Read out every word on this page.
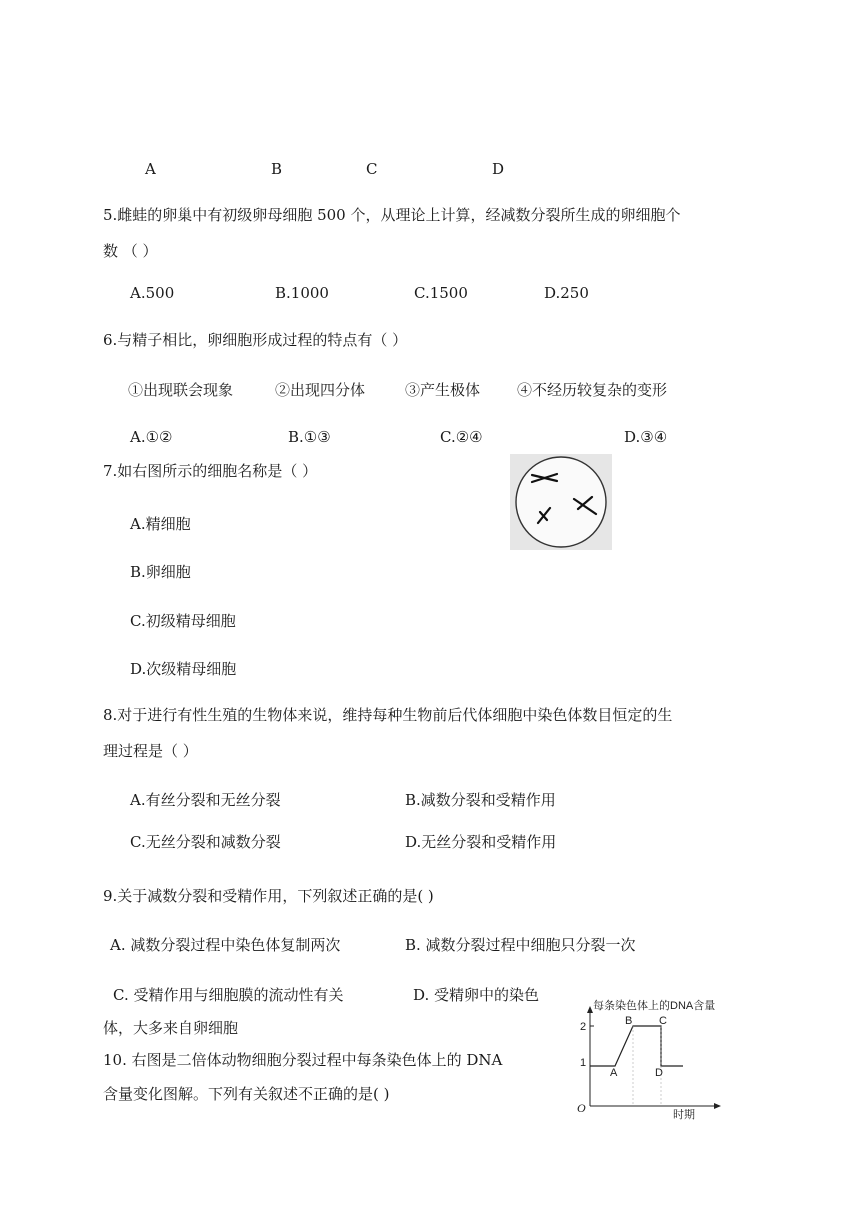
A	B	C	D
5.雌蛙的卵巢中有初级卵母细胞 500 个，从理论上计算，经减数分裂所生成的卵细胞个
数 （ ）
A.500	B.1000	C.1500	D.250
6.与精子相比，卵细胞形成过程的特点有（ ）
①出现联会现象	②出现四分体	③产生极体 ④不经历较复杂的变形
A.①②	B.①③	C.②④	D.③④
7.如右图所示的细胞名称是（ ）
A.精细胞
B.卵细胞
C.初级精母细胞
D.次级精母细胞
8.对于进行有性生殖的生物体来说，维持每种生物前后代体细胞中染色体数目恒定的生
理过程是（ ）
A.有丝分裂和无丝分裂	B.减数分裂和受精作用
C.无丝分裂和减数分裂	D.无丝分裂和受精作用
9.关于减数分裂和受精作用，下列叙述正确的是( )
A. 减数分裂过程中染色体复制两次	B. 减数分裂过程中细胞只分裂一次
C. 受精作用与细胞膜的流动性有关	D. 受精卵中的染色
体，大多来自卵细胞
10. 右图是二倍体动物细胞分裂过程中每条染色体上的 DNA
含量变化图解。下列有关叙述不正确的是( )
每条染色体上的DNA含量
O	时期
1
2
A
B C
D
